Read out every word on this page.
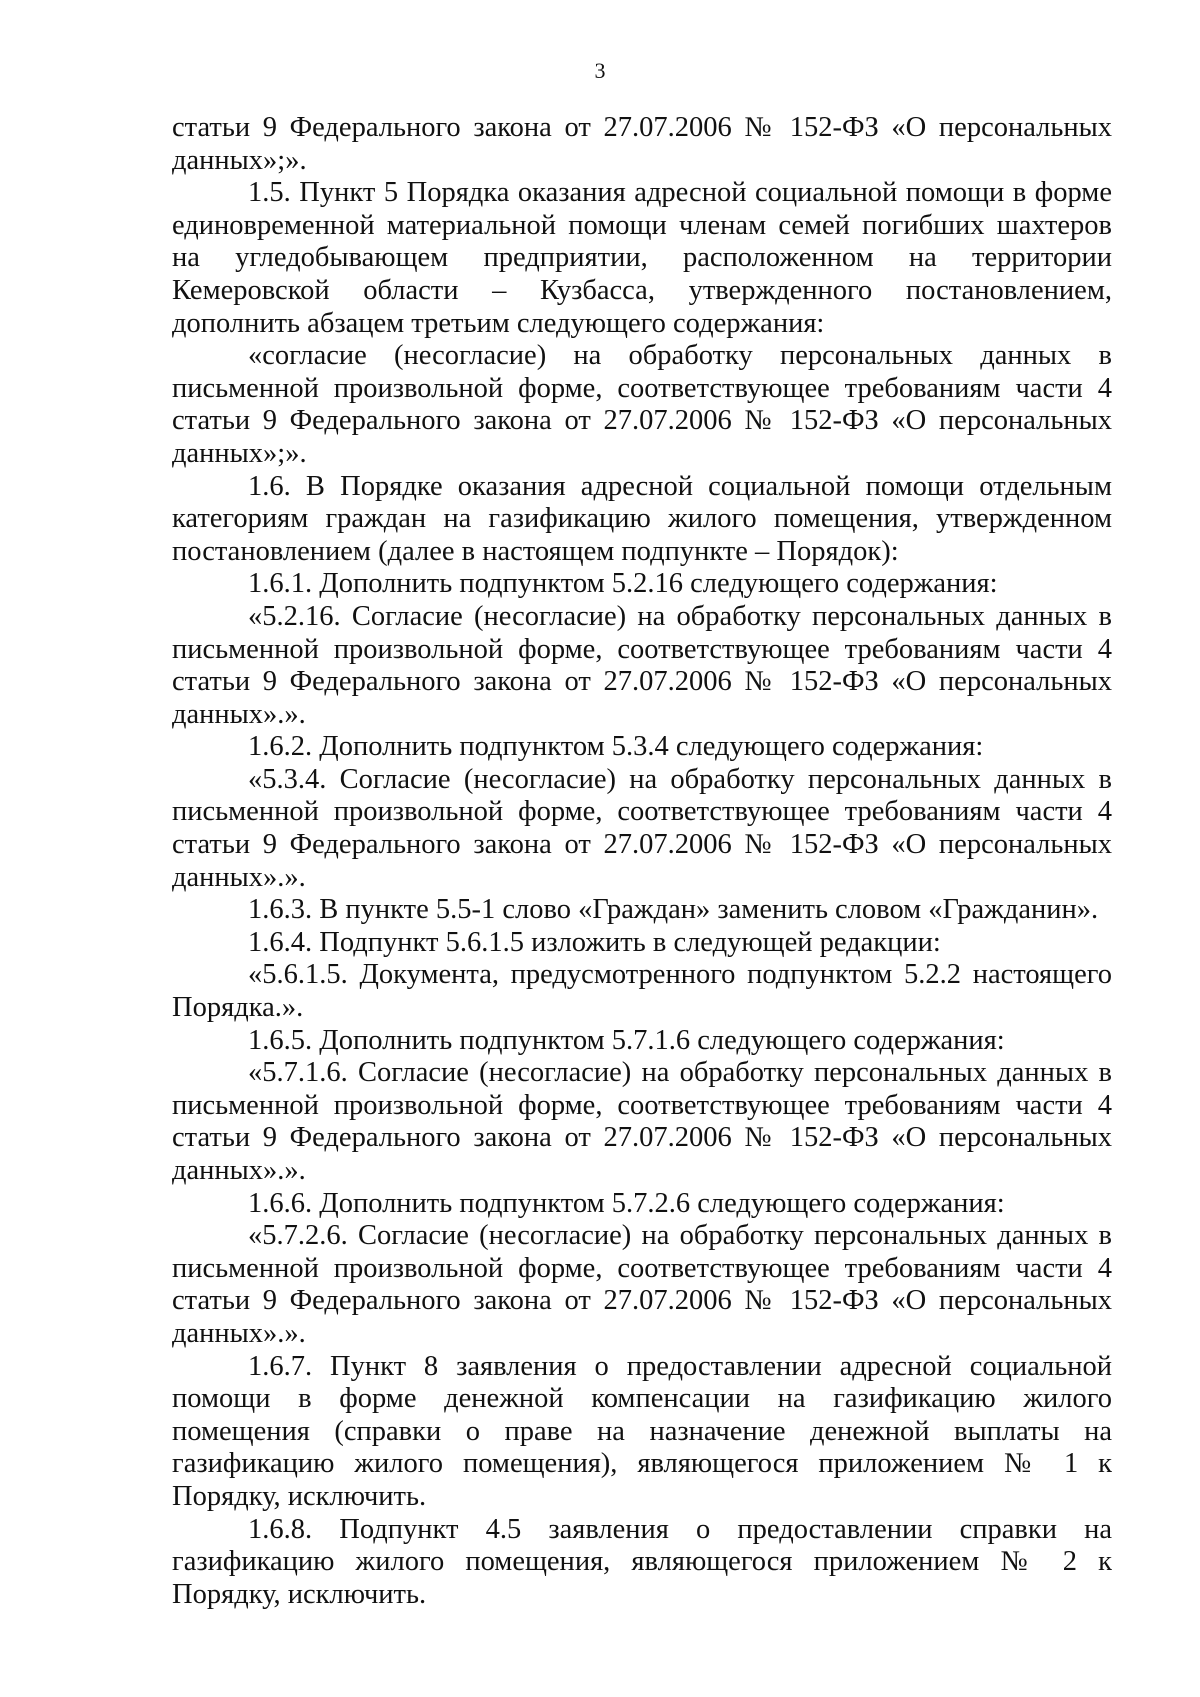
3

статьи 9 Федерального закона от 27.07.2006 № 152-ФЗ «О персональных данных»;».

1.5. Пункт 5 Порядка оказания адресной социальной помощи в форме единовременной материальной помощи членам семей погибших шахтеров на угледобывающем предприятии, расположенном на территории Кемеровской области – Кузбасса, утвержденного постановлением, дополнить абзацем третьим следующего содержания:

«согласие (несогласие) на обработку персональных данных в письменной произвольной форме, соответствующее требованиям части 4 статьи 9 Федерального закона от 27.07.2006 № 152-ФЗ «О персональных данных»;».

1.6. В Порядке оказания адресной социальной помощи отдельным категориям граждан на газификацию жилого помещения, утвержденном постановлением (далее в настоящем подпункте – Порядок):

1.6.1. Дополнить подпунктом 5.2.16 следующего содержания:

«5.2.16. Согласие (несогласие) на обработку персональных данных в письменной произвольной форме, соответствующее требованиям части 4 статьи 9 Федерального закона от 27.07.2006 № 152-ФЗ «О персональных данных».».

1.6.2. Дополнить подпунктом 5.3.4 следующего содержания:

«5.3.4. Согласие (несогласие) на обработку персональных данных в письменной произвольной форме, соответствующее требованиям части 4 статьи 9 Федерального закона от 27.07.2006 № 152-ФЗ «О персональных данных».».

1.6.3. В пункте 5.5-1 слово «Граждан» заменить словом «Гражданин».

1.6.4. Подпункт 5.6.1.5 изложить в следующей редакции:

«5.6.1.5. Документа, предусмотренного подпунктом 5.2.2 настоящего Порядка.».

1.6.5. Дополнить подпунктом 5.7.1.6 следующего содержания:

«5.7.1.6. Согласие (несогласие) на обработку персональных данных в письменной произвольной форме, соответствующее требованиям части 4 статьи 9 Федерального закона от 27.07.2006 № 152-ФЗ «О персональных данных».».

1.6.6. Дополнить подпунктом 5.7.2.6 следующего содержания:

«5.7.2.6. Согласие (несогласие) на обработку персональных данных в письменной произвольной форме, соответствующее требованиям части 4 статьи 9 Федерального закона от 27.07.2006 № 152-ФЗ «О персональных данных».».

1.6.7. Пункт 8 заявления о предоставлении адресной социальной помощи в форме денежной компенсации на газификацию жилого помещения (справки о праве на назначение денежной выплаты на газификацию жилого помещения), являющегося приложением № 1 к Порядку, исключить.

1.6.8. Подпункт 4.5 заявления о предоставлении справки на газификацию жилого помещения, являющегося приложением № 2 к Порядку, исключить.
